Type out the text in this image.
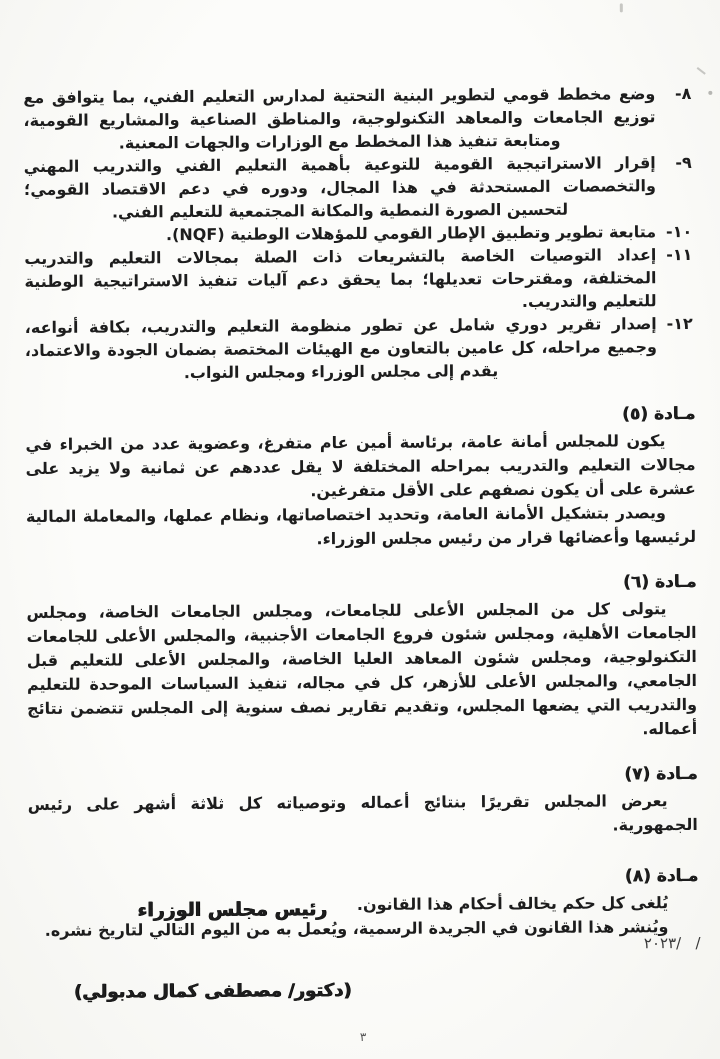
٨-
وضع مخطط قومي لتطوير البنية التحتية لمدارس التعليم الفني، بما يتوافق مع توزيع الجامعات والمعاهد التكنولوجية، والمناطق الصناعية والمشاريع القومية، ومتابعة تنفيذ هذا المخطط مع الوزارات والجهات المعنية.
٩-
إقرار الاستراتيجية القومية للتوعية بأهمية التعليم الفني والتدريب المهني والتخصصات المستحدثة في هذا المجال، ودوره في دعم الاقتصاد القومي؛ لتحسين الصورة النمطية والمكانة المجتمعية للتعليم الفني.
١٠-
متابعة تطوير وتطبيق الإطار القومي للمؤهلات الوطنية (NQF).
١١-
إعداد التوصيات الخاصة بالتشريعات ذات الصلة بمجالات التعليم والتدريب المختلفة، ومقترحات تعديلها؛ بما يحقق دعم آليات تنفيذ الاستراتيجية الوطنية للتعليم والتدريب.
١٢-
إصدار تقرير دوري شامل عن تطور منظومة التعليم والتدريب، بكافة أنواعه، وجميع مراحله، كل عامين بالتعاون مع الهيئات المختصة بضمان الجودة والاعتماد، يقدم إلى مجلس الوزراء ومجلس النواب.
مـادة (٥)

يكون للمجلس أمانة عامة، برئاسة أمين عام متفرغ، وعضوية عدد من الخبراء في مجالات التعليم والتدريب بمراحله المختلفة لا يقل عددهم عن ثمانية ولا يزيد على عشرة على أن يكون نصفهم على الأقل متفرغين.

ويصدر بتشكيل الأمانة العامة، وتحديد اختصاصاتها، ونظام عملها، والمعاملة المالية لرئيسها وأعضائها قرار من رئيس مجلس الوزراء.

مـادة (٦)

يتولى كل من المجلس الأعلى للجامعات، ومجلس الجامعات الخاصة، ومجلس الجامعات الأهلية، ومجلس شئون فروع الجامعات الأجنبية، والمجلس الأعلى للجامعات التكنولوجية، ومجلس شئون المعاهد العليا الخاصة، والمجلس الأعلى للتعليم قبل الجامعي، والمجلس الأعلى للأزهر، كل في مجاله، تنفيذ السياسات الموحدة للتعليم والتدريب التي يضعها المجلس، وتقديم تقارير نصف سنوية إلى المجلس تتضمن نتائج أعماله.

مـادة (٧)

يعرض المجلس تقريرًا بنتائج أعماله وتوصياته كل ثلاثة أشهر على رئيس الجمهورية.

مـادة (٨)

يُلغى كل حكم يخالف أحكام هذا القانون.

ويُنشر هذا القانون في الجريدة الرسمية، ويُعمل به من اليوم التالي لتاريخ نشره.

رئيس مجلس الوزراء
٢٠٢٣/   /
(دكتور/ مصطفى كمال مدبولي)
٣
